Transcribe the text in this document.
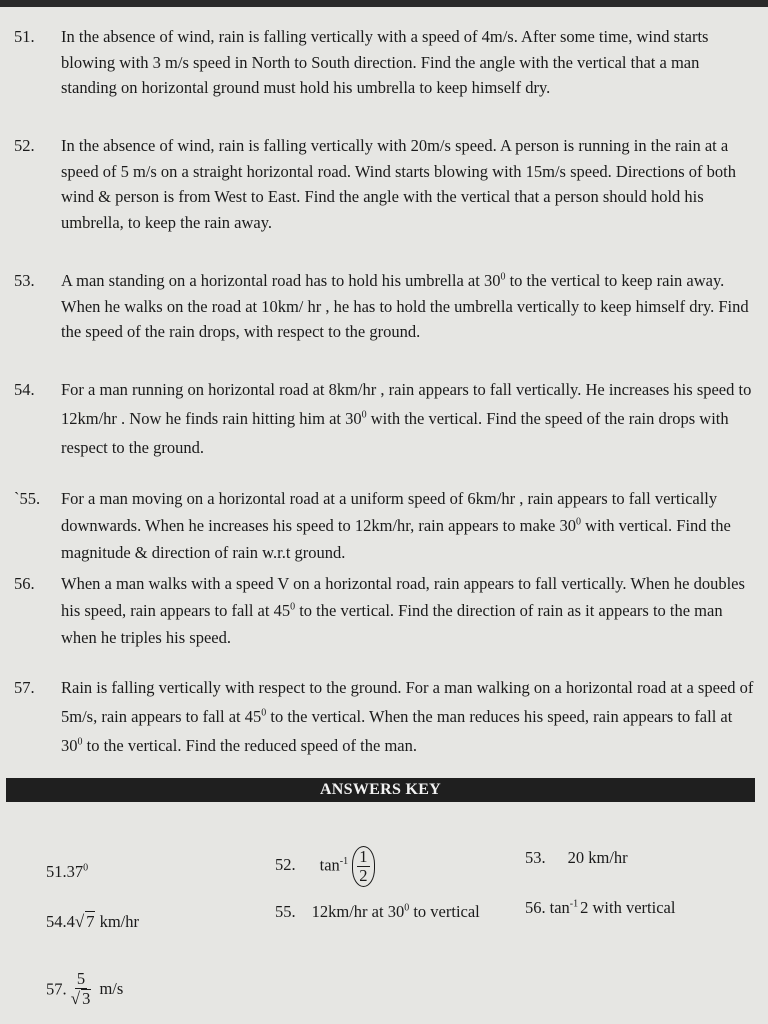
51. In the absence of wind, rain is falling vertically with a speed of 4m/s. After some time, wind starts blowing with 3 m/s speed in North to South direction. Find the angle with the vertical that a man standing on horizontal ground must hold his umbrella to keep himself dry.
52. In the absence of wind, rain is falling vertically with 20m/s speed. A person is running in the rain at a speed of 5 m/s on a straight horizontal road. Wind starts blowing with 15m/s speed. Directions of both wind & person is from West to East. Find the angle with the vertical that a person should hold his umbrella, to keep the rain away.
53. A man standing on a horizontal road has to hold his umbrella at $30^0$ to the vertical to keep rain away. When he walks on the road at 10km/ hr , he has to hold the umbrella vertically to keep himself dry. Find the speed of the rain drops, with respect to the ground.
54. For a man running on horizontal road at 8km/hr , rain appears to fall vertically. He increases his speed to 12km/hr . Now he finds rain hitting him at $30^0$ with the vertical. Find the speed of the rain drops with respect to the ground.
`55. For a man moving on a horizontal road at a uniform speed of 6km/hr , rain appears to fall vertically downwards. When he increases his speed to 12km/hr, rain appears to make $30^0$ with vertical. Find the magnitude & direction of rain w.r.t ground.
56. When a man walks with a speed V on a horizontal road, rain appears to fall vertically. When he doubles his speed, rain appears to fall at $45^0$ to the vertical. Find the direction of rain as it appears to the man when he triples his speed.
57. Rain is falling vertically with respect to the ground. For a man walking on a horizontal road at a speed of 5m/s, rain appears to fall at $45^0$ to the vertical. When the man reduces his speed, rain appears to fall at $30^0$ to the vertical. Find the reduced speed of the man.
ANSWERS KEY
51.37$^0$	52. $\tan^{-1} \frac{1}{2}$	53. 20 km/hr
54.4√ 7 km/hr
55. 12km/hr at $30^0$ to vertical	56. $\tan^{-1} 2$ with vertical
57. $\frac{5}{√ 3} m/s$
